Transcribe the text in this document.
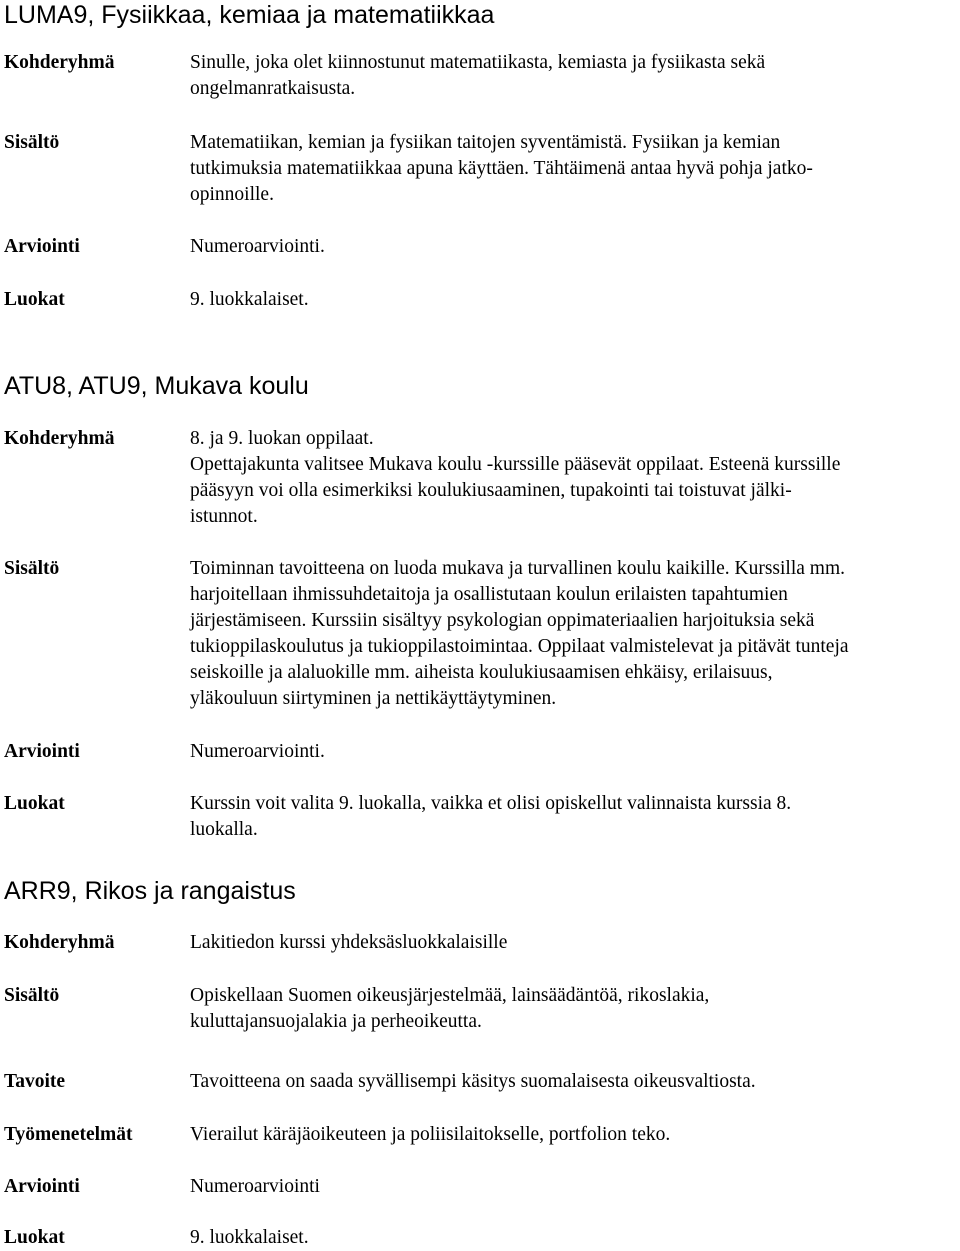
LUMA9, Fysiikkaa, kemiaa ja matematiikkaa
Kohderyhmä	Sinulle, joka olet kiinnostunut matematiikasta, kemiasta ja fysiikasta sekä
ongelmanratkaisusta.
Sisältö	Matematiikan, kemian ja fysiikan taitojen syventämistä. Fysiikan ja kemian
tutkimuksia matematiikkaa apuna käyttäen. Tähtäimenä antaa hyvä pohja jatko-
opinnoille.
Arviointi	Numeroarviointi.
Luokat	9. luokkalaiset.
ATU8, ATU9, Mukava koulu
Kohderyhmä	8. ja 9. luokan oppilaat.
Opettajakunta valitsee Mukava koulu -kurssille pääsevät oppilaat. Esteenä kurssille
pääsyyn voi olla esimerkiksi koulukiusaaminen, tupakointi tai toistuvat jälki-
istunnot.
Sisältö	Toiminnan tavoitteena on luoda mukava ja turvallinen koulu kaikille. Kurssilla mm.
harjoitellaan ihmissuhdetaitoja ja osallistutaan koulun erilaisten tapahtumien
järjestämiseen. Kurssiin sisältyy psykologian oppimateriaalien harjoituksia sekä
tukioppilaskoulutus ja tukioppilastoimintaa. Oppilaat valmistelevat ja pitävät tunteja
seiskoille ja alaluokille mm. aiheista koulukiusaamisen ehkäisy, erilaisuus,
yläkouluun siirtyminen ja nettikäyttäytyminen.
Arviointi	Numeroarviointi.
Luokat	Kurssin voit valita 9. luokalla, vaikka et olisi opiskellut valinnaista kurssia 8.
luokalla.
ARR9, Rikos ja rangaistus
Kohderyhmä	Lakitiedon kurssi yhdeksäsluokkalaisille
Sisältö	Opiskellaan Suomen oikeusjärjestelmää, lainsäädäntöä, rikoslakia,
kuluttajansuojalakia ja perheoikeutta.
Tavoite	Tavoitteena on saada syvällisempi käsitys suomalaisesta oikeusvaltiosta.
Työmenetelmät	Vierailut käräjäoikeuteen ja poliisilaitokselle, portfolion teko.
Arviointi	Numeroarviointi
Luokat	9. luokkalaiset.
